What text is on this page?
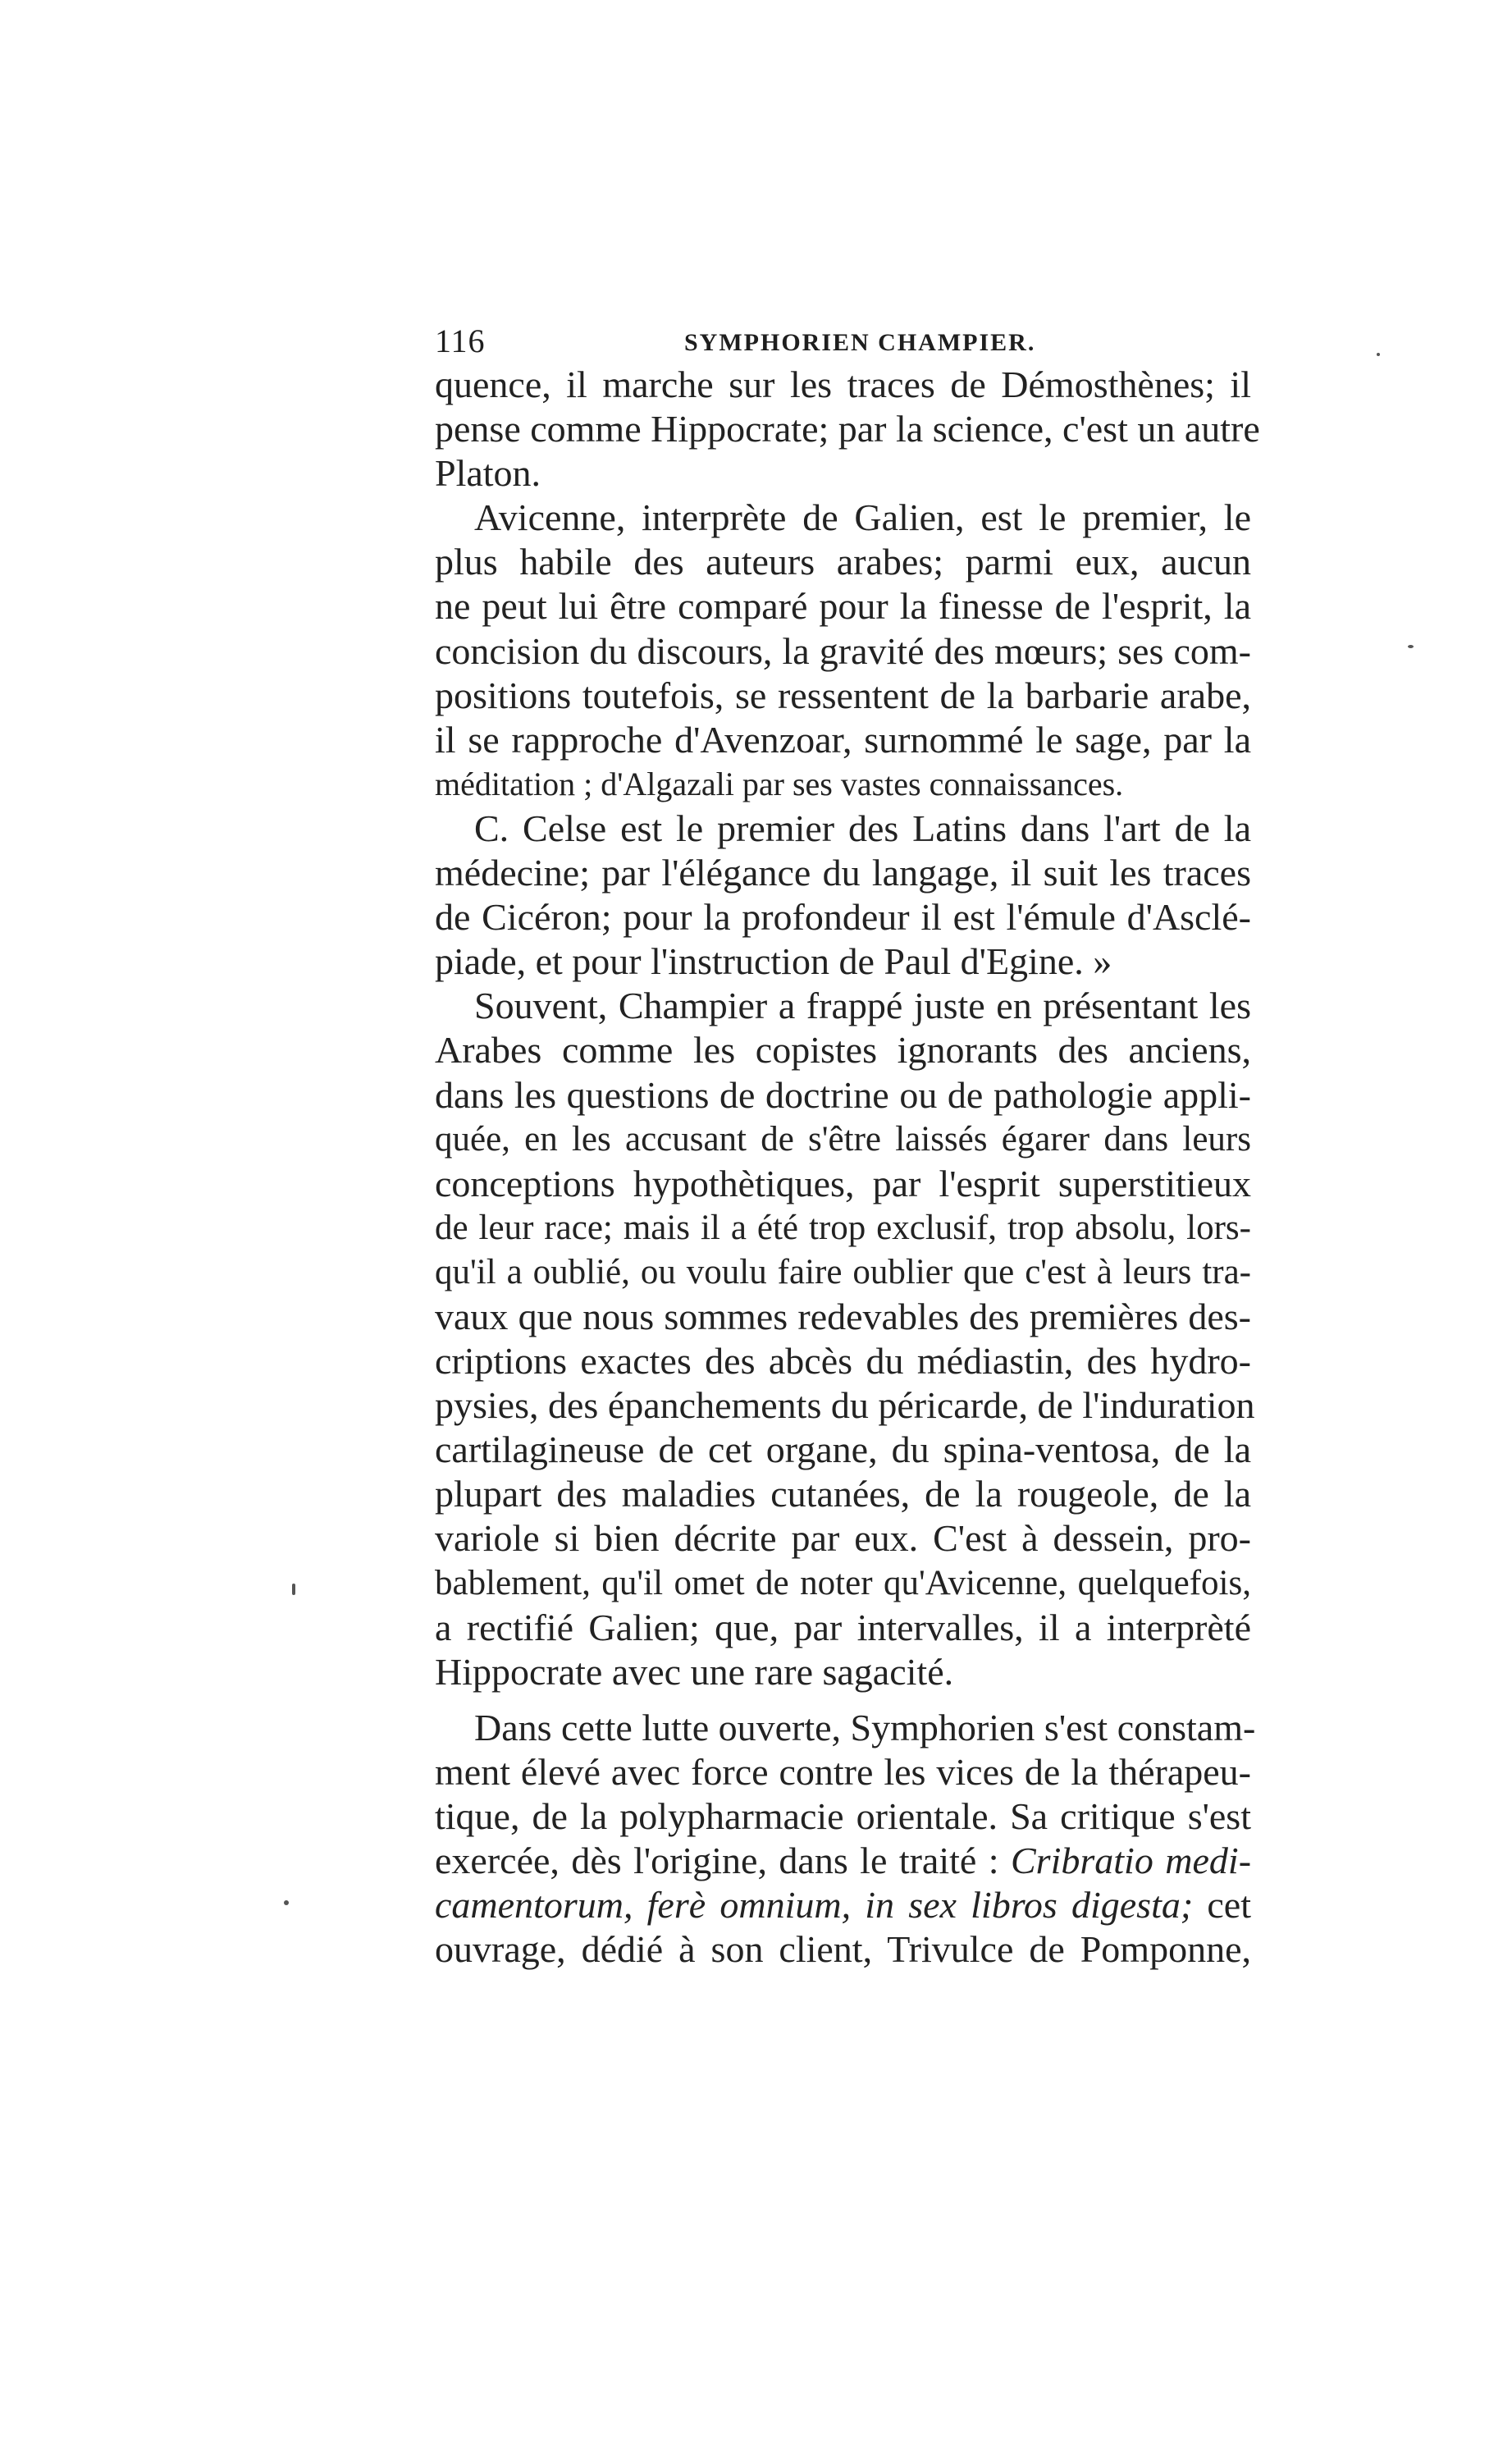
116	SYMPHORIEN CHAMPIER.
quence, il marche sur les traces de Démosthènes; il
pense comme Hippocrate; par la science, c'est un autre
Platon.
Avicenne, interprète de Galien, est le premier, le
plus habile des auteurs arabes; parmi eux, aucun
ne peut lui être comparé pour la finesse de l'esprit, la
concision du discours, la gravité des mœurs; ses com-
positions toutefois, se ressentent de la barbarie arabe,
il se rapproche d'Avenzoar, surnommé le sage, par la
méditation ; d'Algazali par ses vastes connaissances.
C. Celse est le premier des Latins dans l'art de la
médecine; par l'élégance du langage, il suit les traces
de Cicéron; pour la profondeur il est l'émule d'Asclé-
piade, et pour l'instruction de Paul d'Egine. »
Souvent, Champier a frappé juste en présentant les
Arabes comme les copistes ignorants des anciens,
dans les questions de doctrine ou de pathologie appli-
quée, en les accusant de s'être laissés égarer dans leurs
conceptions hypothètiques, par l'esprit superstitieux
de leur race; mais il a été trop exclusif, trop absolu, lors-
qu'il a oublié, ou voulu faire oublier que c'est à leurs tra-
vaux que nous sommes redevables des premières des-
criptions exactes des abcès du médiastin, des hydro-
pysies, des épanchements du péricarde, de l'induration
cartilagineuse de cet organe, du spina-ventosa, de la
plupart des maladies cutanées, de la rougeole, de la
variole si bien décrite par eux. C'est à dessein, pro-
bablement, qu'il omet de noter qu'Avicenne, quelquefois,
a rectifié Galien; que, par intervalles, il a interprèté
Hippocrate avec une rare sagacité.
Dans cette lutte ouverte, Symphorien s'est constam-
ment élevé avec force contre les vices de la thérapeu-
tique, de la polypharmacie orientale. Sa critique s'est
exercée, dès l'origine, dans le traité : Cribratio medi-
camentorum, ferè omnium, in sex libros digesta; cet
ouvrage, dédié à son client, Trivulce de Pomponne,
